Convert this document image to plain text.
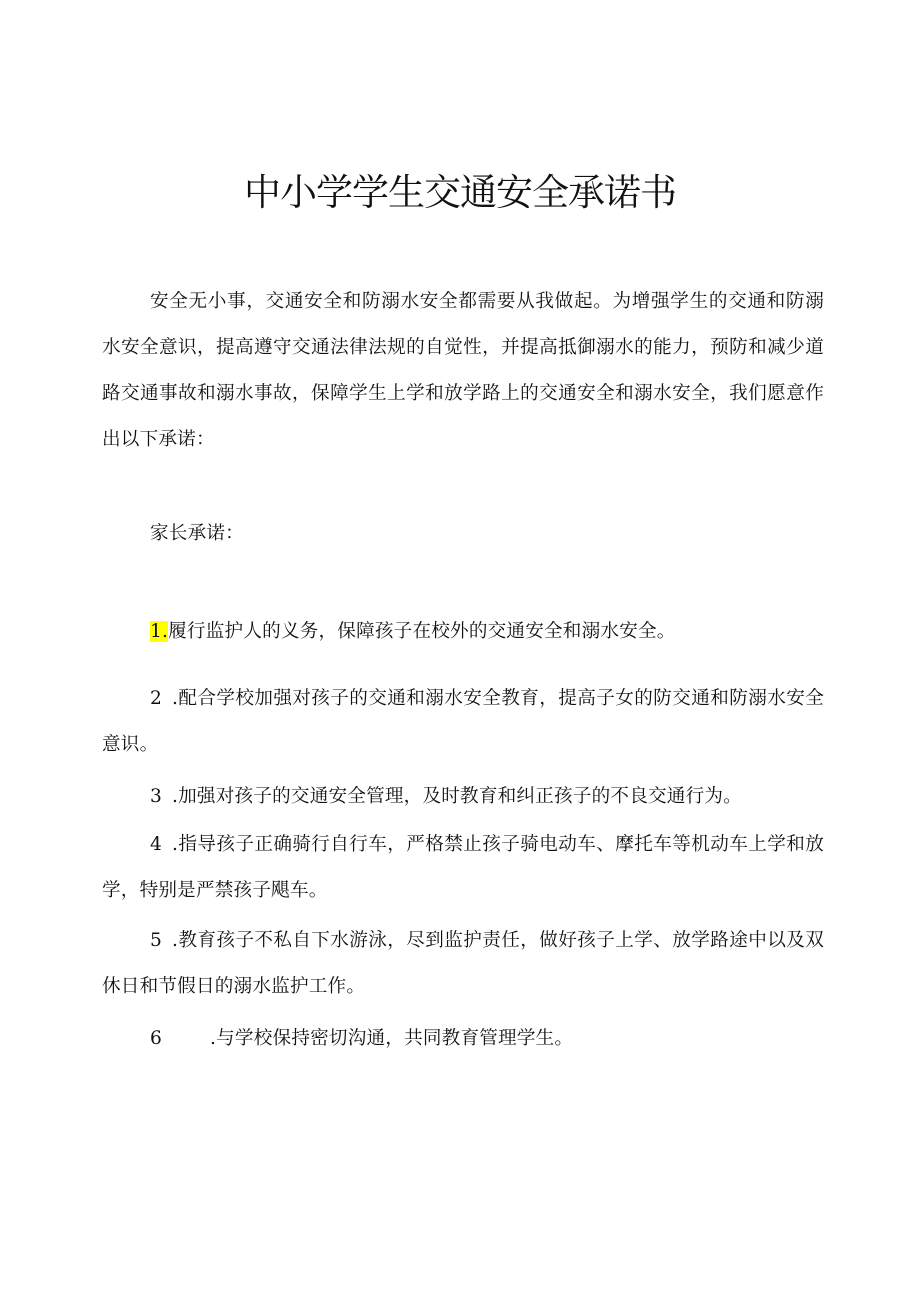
中小学学生交通安全承诺书

安全无小事，交通安全和防溺水安全都需要从我做起。为增强学生的交通和防溺水安全意识，提高遵守交通法律法规的自觉性，并提高抵御溺水的能力，预防和减少道路交通事故和溺水事故，保障学生上学和放学路上的交通安全和溺水安全，我们愿意作出以下承诺：

家长承诺：

1.履行监护人的义务，保障孩子在校外的交通安全和溺水安全。

2 .配合学校加强对孩子的交通和溺水安全教育，提高子女的防交通和防溺水安全意识。

3 .加强对孩子的交通安全管理，及时教育和纠正孩子的不良交通行为。

4 .指导孩子正确骑行自行车，严格禁止孩子骑电动车、摩托车等机动车上学和放学，特别是严禁孩子飓车。

5 .教育孩子不私自下水游泳，尽到监护责任，做好孩子上学、放学路途中以及双休日和节假日的溺水监护工作。

6	.与学校保持密切沟通，共同教育管理学生。
